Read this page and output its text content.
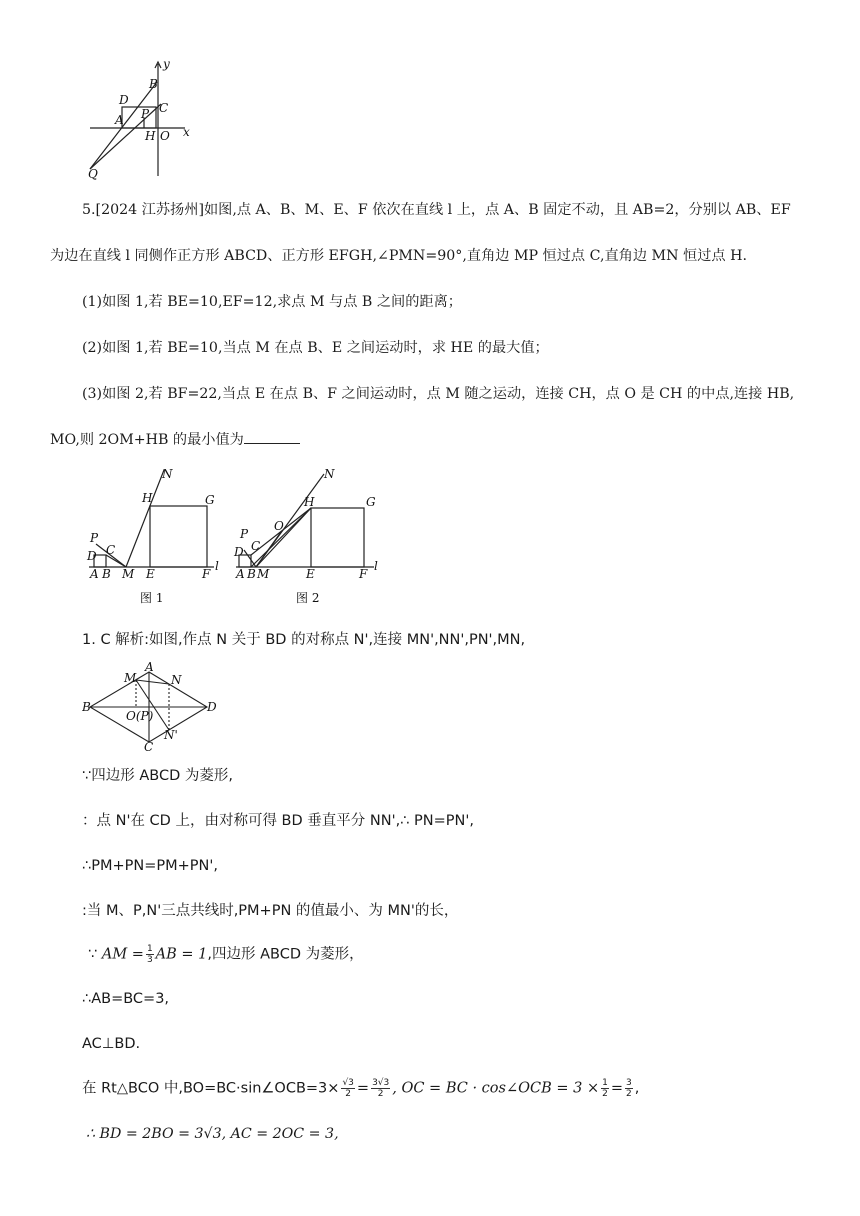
y
B
D
C
A P
H O x
Q
5.[2024 江苏扬州]如图,点 A、B、M、E、F 依次在直线 l 上，点 A、B 固定不动，且 AB=2，分别以 AB、EF
为边在直线 l 同侧作正方形 ABCD、正方形 EFGH,∠PMN=90°,直角边 MP 恒过点 C,直角边 MN 恒过点 H.
(1)如图 1,若 BE=10,EF=12,求点 M 与点 B 之间的距离；
(2)如图 1,若 BE=10,当点 M 在点 B、E 之间运动时，求 HE 的最大值；
(3)如图 2,若 BF=22,当点 E 在点 B、F 之间运动时，点 M 随之运动，连接 CH，点 O 是 CH 的中点,连接 HB,
MO,则 2OM+HB 的最小值为
N
H	G
P
D C
A B M E	F
l
N
H	G
O
P
D C
A B M	E	F
l
图 1	图 2
1. C 解析:如图,作点 N 关于 BD 的对称点 N',连接 MN',NN',PN',MN,
A
M	N
B
O(P)
D
N'
C
∵四边形 ABCD 为菱形,
：点 N'在 CD 上，由对称可得 BD 垂直平分 NN',∴ PN=PN',
∴PM+PN=PM+PN',
:当 M、P,N'三点共线时,PM+PN 的值最小、为 MN'的长，
∵ AM = $\frac{1}{3}$ AB = 1,四边形 ABCD 为菱形，
∴AB=BC=3,
AC⊥BD.
在 Rt△BCO 中,BO=BC·sin∠OCB=3× $\frac{√3}{2} = \frac{3√3}{2}$ , OC = BC · cos∠OCB = $3 \times \frac{1}{2} = \frac{3}{2}$ ,
∴ BD = 2BO = 3√3, AC = 2OC = 3,
